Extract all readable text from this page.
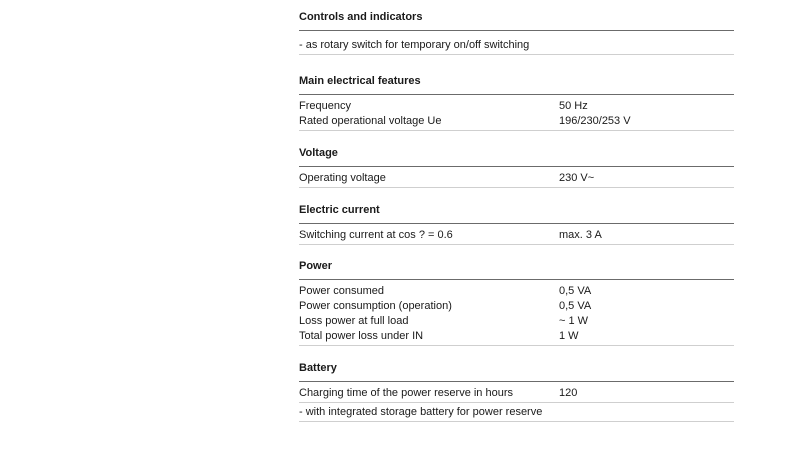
Controls and indicators
- as rotary switch for temporary on/off switching
Main electrical features
Frequency	50 Hz
Rated operational voltage Ue	196/230/253 V
Voltage
Operating voltage	230 V~
Electric current
Switching current at cos ? = 0.6	max. 3 A
Power
Power consumed	0,5 VA
Power consumption (operation)	0,5 VA
Loss power at full load	~ 1 W
Total power loss under IN	1 W
Battery
Charging time of the power reserve in hours	120
- with integrated storage battery for power reserve
